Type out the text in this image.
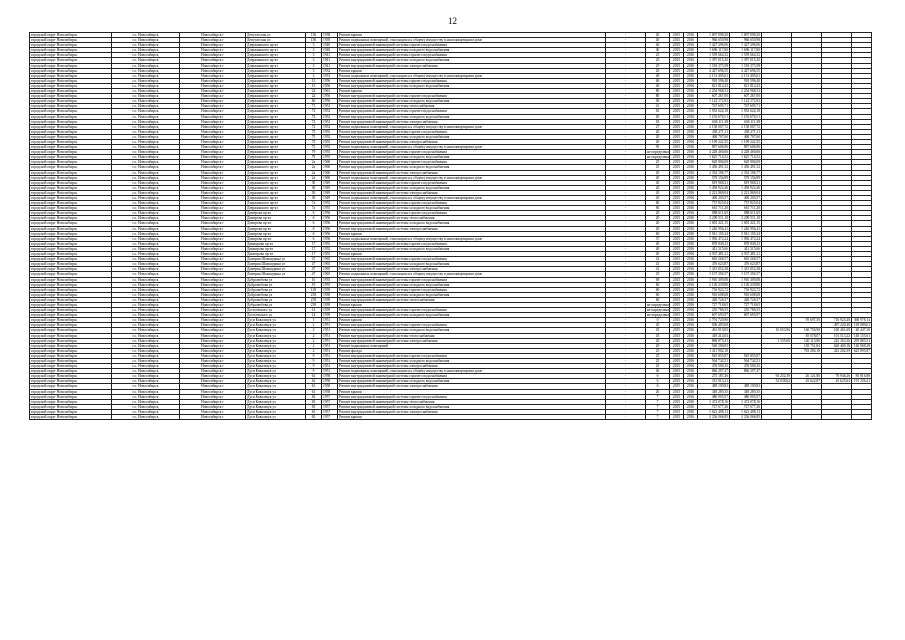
12
городской округ Новосибирск	г.о. Новосибирск	Новосибирск г	Депутатская ул	156	1938	Ремонт крыши	-	20	2015	2016	1 697 898,20	1 697 898,20				
городской округ Новосибирск	г.о. Новосибирск	Новосибирск г	Депутатская ул	156	1939	Ремонт подвальных помещений, относящихся к общему имуществу в многоквартирном доме	-	40	2015	2016	966 650,98	966 650,98				
городской округ Новосибирск	г.о. Новосибирск	Новосибирск г	Дзержинского пр-кт	3	1940	Ремонт внутридомовой инженерной системы горячего водоснабжения	-	40	2015	2016	1 427 396,06	1 427 396,06				
городской округ Новосибирск	г.о. Новосибирск	Новосибирск г	Дзержинского пр-кт	3	1940	Ремонт внутридомовой инженерной системы холодного водоснабжения	-	40	2015	2016	1 696 117,80	1 696 117,80				
городской округ Новосибирск	г.о. Новосибирск	Новосибирск г	Дзержинского пр-кт	3	1941	Ремонт внутридомовой инженерной системы горячего водоснабжения	-	25	2015	2016	1 559 664,32	1 559 664,32				
городской округ Новосибирск	г.о. Новосибирск	Новосибирск г	Дзержинского пр-кт	3	1941	Ремонт внутридомовой инженерной системы холодного водоснабжения	-	25	2015	2016	1 397 015,45	1 397 015,45				
городской округ Новосибирск	г.о. Новосибирск	Новосибирск г	Дзержинского пр-кт	3	1941	Ремонт внутридомовой инженерной системы электроснабжения	-	25	2015	2016	1 518 373,58	1 518 373,58				
городской округ Новосибирск	г.о. Новосибирск	Новосибирск г	Дзержинского пр-кт	3	1932	Ремонт крыши	-	20	2015	2016	4 427 696,55	4 427 696,55				
городской округ Новосибирск	г.о. Новосибирск	Новосибирск г	Дзержинского пр-кт	3	1933	Ремонт подвальных помещений, относящихся к общему имуществу в многоквартирном доме	-	40	2015	2016	2 151 405,61	2 151 405,61				
городской округ Новосибирск	г.о. Новосибирск	Новосибирск г	Дзержинского пр-кт	15	1956	Ремонт внутридомовой инженерной системы горячего водоснабжения	-	60	2015	2016	918 596,40	918 596,40				
городской округ Новосибирск	г.о. Новосибирск	Новосибирск г	Дзержинского пр-кт	15	1956	Ремонт внутридомовой инженерной системы холодного водоснабжения	-	40	2015	2016	821 814,43	821 814,43				
городской округ Новосибирск	г.о. Новосибирск	Новосибирск г	Дзержинского пр-кт	22	1961	Ремонт крыши	-	80	2015	2016	2 254 968,52	2 254 968,52				
городской округ Новосибирск	г.о. Новосибирск	Новосибирск г	Дзержинского пр-кт	22	1956	Ремонт внутридомовой инженерной системы горячего водоснабжения	-	80	2015	2016	607 267,00	607 267,00				
городской округ Новосибирск	г.о. Новосибирск	Новосибирск г	Дзержинского пр-кт	60	1956	Ремонт внутридомовой инженерной системы холодного водоснабжения	-	49	2015	2016	1 122 172,92	1 122 172,92				
городской округ Новосибирск	г.о. Новосибирск	Новосибирск г	Дзержинского пр-кт	71	1952	Ремонт внутридомовой инженерной системы теплоснабжения	-	41	2015	2016	767 695,71	767 695,71				
городской округ Новосибирск	г.о. Новосибирск	Новосибирск г	Дзержинского пр-кт	72	1952	Ремонт внутридомовой инженерной системы горячего водоснабжения	-	65	2015	2016	1 952 624,18	1 952 624,18				
городской округ Новосибирск	г.о. Новосибирск	Новосибирск г	Дзержинского пр-кт	72	1952	Ремонт внутридомовой инженерной системы холодного водоснабжения	-	65	2015	2016	1 103 676,51	1 103 676,51				
городской округ Новосибирск	г.о. Новосибирск	Новосибирск г	Дзержинского пр-кт	72	1952	Ремонт внутридомовой инженерной системы электроснабжения	-	65	2015	2016	606 111,38	606 111,38				
городской округ Новосибирск	г.о. Новосибирск	Новосибирск г	Дзержинского пр-кт	72	1952	Ремонт подвальных помещений, относящихся к общему имуществу в многоквартирном доме	-	27	2015	2016	2 158 007,72	2 158 007,72				
городской округ Новосибирск	г.о. Новосибирск	Новосибирск г	Дзержинского пр-кт	75	1955	Ремонт внутридомовой инженерной системы горячего водоснабжения	-	20	2015	2016	458 271,11	458 271,11				
городской округ Новосибирск	г.о. Новосибирск	Новосибирск г	Дзержинского пр-кт	75	1955	Ремонт внутридомовой инженерной системы холодного водоснабжения	-	20	2015	2016	468 707,60	468 707,60				
городской округ Новосибирск	г.о. Новосибирск	Новосибирск г	Дзержинского пр-кт	75	1955	Ремонт внутридомовой инженерной системы электроснабжения	-	20	2015	2016	1 109 222,55	1 109 222,55				
городской округ Новосибирск	г.о. Новосибирск	Новосибирск г	Дзержинского пр-кт	75	1955	Ремонт подвальных помещений, относящихся к общему имуществу в многоквартирном доме	-	95	2015	2016	897 606,96	897 606,96				
городской округ Новосибирск	г.о. Новосибирск	Новосибирск г	Дзержинского пр-кт	79	1955	Ремонт внутридомовой инженерной системы горячего водоснабжения	-	не определена	2015	2016	4 228 460,66	4 228 460,66				
городской округ Новосибирск	г.о. Новосибирск	Новосибирск г	Дзержинского пр-кт	79	1955	Ремонт внутридомовой инженерной системы холодного водоснабжения	-	не определена	2015	2016	1 625 716,52	1 625 716,52				
городской округ Новосибирск	г.о. Новосибирск	Новосибирск г	Дзержинского пр-кт	2а	1960	Ремонт внутридомовой инженерной системы горячего водоснабжения	-	25	2015	2016	628 806,09	628 806,09				
городской округ Новосибирск	г.о. Новосибирск	Новосибирск г	Дзержинского пр-кт	2а	1960	Ремонт внутридомовой инженерной системы холодного водоснабжения	-	25	2015	2016	1 456 491,52	1 456 491,52				
городской округ Новосибирск	г.о. Новосибирск	Новосибирск г	Дзержинского пр-кт	2а	1960	Ремонт внутридомовой инженерной системы электроснабжения	-	20	2015	2016	2 354 196,77	2 354 196,77				
городской округ Новосибирск	г.о. Новосибирск	Новосибирск г	Дзержинского пр-кт	2а	1960	Ремонт подвальных помещений, относящихся к общему имуществу в многоквартирном доме	-	20	2015	2016	579 156,89	579 156,89				
городской округ Новосибирск	г.о. Новосибирск	Новосибирск г	Дзержинского пр-кт	30	1949	Ремонт внутридомовой инженерной системы горячего водоснабжения	-	45	2015	2016	819 968,21	819 968,21				
городской округ Новосибирск	г.о. Новосибирск	Новосибирск г	Дзержинского пр-кт	30	1949	Ремонт внутридомовой инженерной системы холодного водоснабжения	-	45	2015	2016	1 458 922,46	1 458 922,46				
городской округ Новосибирск	г.о. Новосибирск	Новосибирск г	Дзержинского пр-кт	30	1949	Ремонт внутридомовой инженерной системы электроснабжения	-	45	2015	2016	2 221 869,04	2 221 869,04				
городской округ Новосибирск	г.о. Новосибирск	Новосибирск г	Дзержинского пр-кт	30	1949	Ремонт подвальных помещений, относящихся к общему имуществу в многоквартирном доме	-	45	2015	2016	469 203,57	469 203,57				
городской округ Новосибирск	г.о. Новосибирск	Новосибирск г	Дзержинского пр-кт	7а	1955	Ремонт внутридомовой инженерной системы горячего водоснабжения	-	60	2015	2016	757 825,04	757 825,04				
городской округ Новосибирск	г.о. Новосибирск	Новосибирск г	Дзержинского пр-кт	7а	1955	Ремонт внутридомовой инженерной системы холодного водоснабжения	-	60	2015	2016	661 711,20	661 711,20				
городской округ Новосибирск	г.о. Новосибирск	Новосибирск г	Дмитрова пр-кт	6	1956	Ремонт внутридомовой инженерной системы горячего водоснабжения	-	20	2015	2016	888 611,65	888 611,65				
городской округ Новосибирск	г.о. Новосибирск	Новосибирск г	Дмитрова пр-кт	6	1956	Ремонт внутридомовой инженерной системы теплоснабжения	-	20	2015	2016	2 209 511,10	2 209 511,10				
городской округ Новосибирск	г.о. Новосибирск	Новосибирск г	Дмитрова пр-кт	6	1956	Ремонт внутридомовой инженерной системы холодного водоснабжения	-	20	2015	2016	1 003 421,15	1 003 421,15				
городской округ Новосибирск	г.о. Новосибирск	Новосибирск г	Дмитрова пр-кт	6	1956	Ремонт внутридомовой инженерной системы электроснабжения	-	20	2015	2016	1 246 956,41	1 246 956,41				
городской округ Новосибирск	г.о. Новосибирск	Новосибирск г	Дмитрова пр-кт	6	1956	Ремонт крыши	-	60	2015	2016	5 941 105,24	5 941 105,24				
городской округ Новосибирск	г.о. Новосибирск	Новосибирск г	Дмитрова пр-кт	6	1956	Ремонт подвальных помещений, относящихся к общему имуществу в многоквартирном доме	-	37	2015	2016	1 056 474,24	1 056 474,24				
городской округ Новосибирск	г.о. Новосибирск	Новосибирск г	Димитрова пр-кт	17	1955	Ремонт внутридомовой инженерной системы горячего водоснабжения	-	40	2015	2016	878 849,23	878 849,23				
городской округ Новосибирск	г.о. Новосибирск	Новосибирск г	Димитрова пр-кт	17	1955	Ремонт внутридомовой инженерной системы холодного водоснабжения	-	40	2015	2016	441 315,66	441 315,66				
городской округ Новосибирск	г.о. Новосибирск	Новосибирск г	Димитрова пр-кт	17	1955	Ремонт крыши	-	20	2015	2016	4 507 481,21	4 507 481,21				
городской округ Новосибирск	г.о. Новосибирск	Новосибирск г	Дмитрия Шамшурина ул	47	1965	Ремонт внутридомовой инженерной системы горячего водоснабжения	-	41	2015	2016	665 268,57	665 268,57				
городской округ Новосибирск	г.о. Новосибирск	Новосибирск г	Дмитрия Шамшурина ул	47	1965	Ремонт внутридомовой инженерной системы холодного водоснабжения	-	41	2015	2016	476 623,87	476 623,87				
городской округ Новосибирск	г.о. Новосибирск	Новосибирск г	Дмитрия Шамшурина ул	47	1965	Ремонт внутридомовой инженерной системы электроснабжения	-	41	2015	2016	1 413 052,38	1 413 052,38				
городской округ Новосибирск	г.о. Новосибирск	Новосибирск г	Дмитрия Шамшурина ул	47	1965	Ремонт подвальных помещений, относящихся к общему имуществу в многоквартирном доме	-	25	2015	2016	1 157 294,57	1 157 294,57				
городской округ Новосибирск	г.о. Новосибирск	Новосибирск г	Добролюбова ул	16	1955	Ремонт внутридомовой инженерной системы горячего водоснабжения	-	69	2015	2016	1 916 309,08	1 916 309,08				
городской округ Новосибирск	г.о. Новосибирск	Новосибирск г	Добролюбова ул	19	1955	Ремонт внутридомовой инженерной системы холодного водоснабжения	-	60	2015	2016	2 130 239,80	2 130 239,80				
городской округ Новосибирск	г.о. Новосибирск	Новосибирск г	Добролюбова ул	129	1939	Ремонт внутридомовой инженерной системы горячего водоснабжения	-	60	2015	2016	716 923,72	716 923,72				
городской округ Новосибирск	г.о. Новосибирск	Новосибирск г	Добролюбова ул	239	1939	Ремонт внутридомовой инженерной системы холодного водоснабжения	-	60	2015	2016	916 608,68	916 608,68				
городской округ Новосибирск	г.о. Новосибирск	Новосибирск г	Добролюбова ул	239	1939	Ремонт внутридомовой инженерной системы теплоснабжения	-	60	2015	2016	420 726,57	420 726,57				
городской округ Новосибирск	г.о. Новосибирск	Новосибирск г	Добролюбова ул	239	1939	Ремонт крыши	-	не определена	2015	2016	727 718,65	727 718,65				
городской округ Новосибирск	г.о. Новосибирск	Новосибирск г	Достоевского ул	14	1939	Ремонт внутридомовой инженерной системы горячего водоснабжения	-	не определена	2015	2016	255 786,55	255 786,55				
городской округ Новосибирск	г.о. Новосибирск	Новосибирск г	Достоевского ул	14	1939	Ремонт внутридомовой инженерной системы холодного водоснабжения	-	не определена	2015	2016	607 693,97	607 693,97				
городской округ Новосибирск	г.о. Новосибирск	Новосибирск г	Дуси Ковальчук ул	1	1951	Ремонт крыши	-	0	2015	2016	1 791 720,90			95 697,50	716 923,40	368 978,14
городской округ Новосибирск	г.о. Новосибирск	Новосибирск г	Дуси Ковальчук ул	2	1951	Ремонт внутридомовой инженерной системы горячего водоснабжения	-	45	2015	2016	506 403,60				497 220,40	129 089,61
городской округ Новосибирск	г.о. Новосибирск	Новосибирск г	Дуси Ковальчук ул	2	1951	Ремонт внутридомовой инженерной системы холодного водоснабжения	-	45	2015	2016	461 919,05		16 653,96	160 756,98	160 461,69	40 447,30
городской округ Новосибирск	г.о. Новосибирск	Новосибирск г	Дуси Ковальчук ул	2	1951	Ремонт внутридомовой инженерной системы теплоснабжения	-	45	2015	2016	418 214,63			85 678,07	101 513,22	148 155,61
городской округ Новосибирск	г.о. Новосибирск	Новосибирск г	Дуси Ковальчук ул	2	1951	Ремонт внутридомовой инженерной системы электроснабжения	-	20	2015	2016	868 875,41		1 335,60	120 113,80	243 363,36	295 885,51
городской округ Новосибирск	г.о. Новосибирск	Новосибирск г	Дуси Ковальчук ул	2	1951	Ремонт подвальных помещений	-	20	2015	2016	540 500,05			139 751,84	626 469,18	140 968,28
городской округ Новосибирск	г.о. Новосибирск	Новосибирск г	Дуси Ковальчук ул	2	1951	Ремонт фасада	-	25	2015	2016	1 411 902,10			763 284,18	423 202,59	625 895,87
городской округ Новосибирск	г.о. Новосибирск	Новосибирск г	Дуси Ковальчук ул	9	1951	Ремонт внутридомовой инженерной системы горячего водоснабжения	-	25	2015	2016	925 855,87	925 855,87				
городской округ Новосибирск	г.о. Новосибирск	Новосибирск г	Дуси Ковальчук ул	9	1951	Ремонт внутридомовой инженерной системы холодного водоснабжения	-	25	2015	2016	564 742,51	564 742,51				
городской округ Новосибирск	г.о. Новосибирск	Новосибирск г	Дуси Ковальчук ул	9	1951	Ремонт внутридомовой инженерной системы электроснабжения	-	25	2015	2016	476 500,35	476 500,35				
городской округ Новосибирск	г.о. Новосибирск	Новосибирск г	Дуси Ковальчук ул	9	1951	Ремонт подвальных помещений, относящихся к общему имуществу в многоквартирном доме	-	40	2015	2016	866 297,47	866 297,47				
городской округ Новосибирск	г.о. Новосибирск	Новосибирск г	Дуси Ковальчук ул	61	1958	Ремонт внутридомовой инженерной системы горячего водоснабжения	-	6	2015	2016	275 187,26		94 252,39	26 121,80	78 946,26	85 816,88
городской округ Новосибирск	г.о. Новосибирск	Новосибирск г	Дуси Ковальчук ул	61	1958	Ремонт внутридомовой инженерной системы холодного водоснабжения	-	6	2015	2016	315 913,21		52 038,62	45 622,87	25 625,64	191 256,41
городской округ Новосибирск	г.о. Новосибирск	Новосибирск г	Дуси Ковальчук ул	61	1958	Ремонт внутридомовой инженерной системы электроснабжения	-	6	2015	2016	489 109,82	489 109,82				
городской округ Новосибирск	г.о. Новосибирск	Новосибирск г	Дуси Ковальчук ул	61	1958	Ремонт крыши	-	20	2015	2016	349 285,35	349 285,35				
городской округ Новосибирск	г.о. Новосибирск	Новосибирск г	Дуси Ковальчук ул	65	1957	Ремонт внутридомовой инженерной системы горячего водоснабжения	-	7	2015	2016	486 905,97	486 905,97				
городской округ Новосибирск	г.о. Новосибирск	Новосибирск г	Дуси Ковальчук ул	65	1957	Ремонт внутридомовой инженерной системы теплоснабжения	-	7	2015	2016	1 472 078,16	1 472 078,16				
городской округ Новосибирск	г.о. Новосибирск	Новосибирск г	Дуси Ковальчук ул	65	1957	Ремонт внутридомовой инженерной системы холодного водоснабжения	-	7	2015	2016	727 677,26	727 677,26				
городской округ Новосибирск	г.о. Новосибирск	Новосибирск г	Дуси Ковальчук ул	65	1957	Ремонт внутридомовой инженерной системы электроснабжения	-	7	2015	2016	1 622 498,13	1 622 498,13				
городской округ Новосибирск	г.о. Новосибирск	Новосибирск г	Дуси Ковальчук ул	65	1957	Ремонт крыши	-	7	2015	2016	2 236 066,85	2 236 066,85				
